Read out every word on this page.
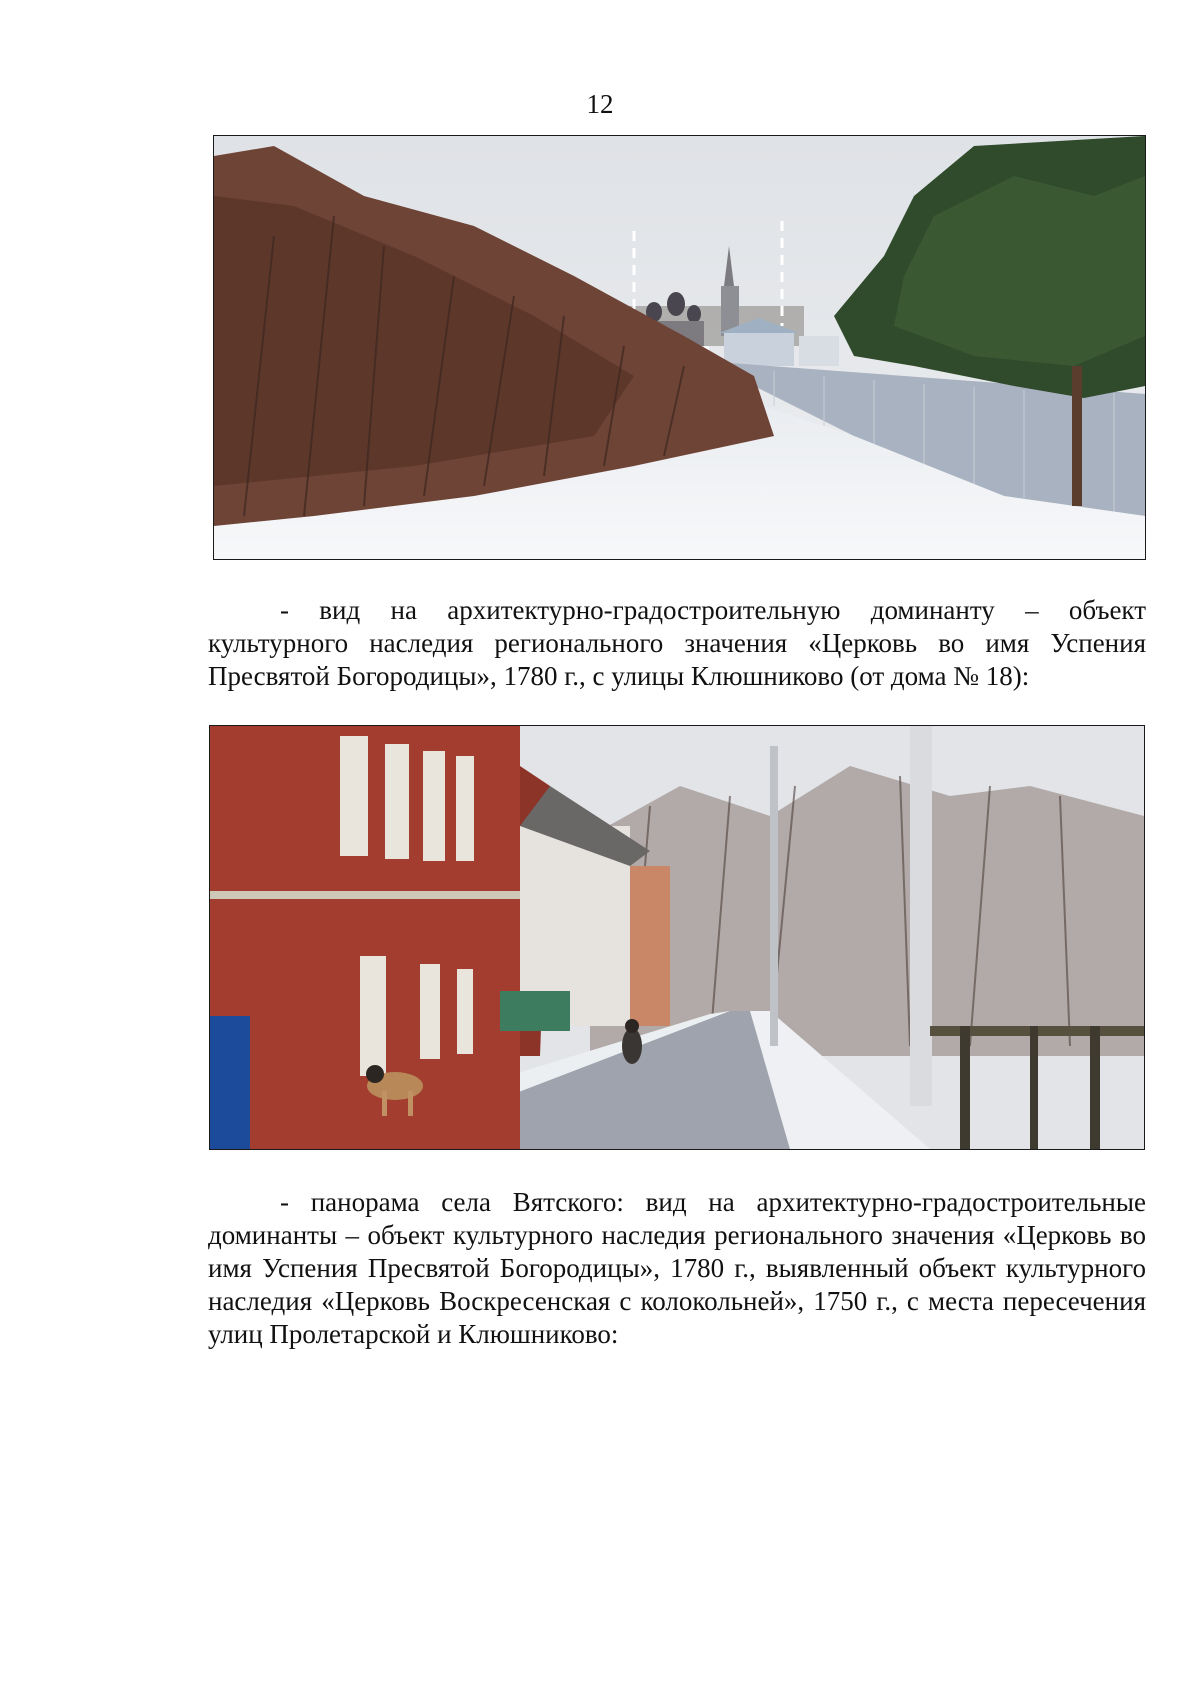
12

- вид на архитектурно-градостроительную доминанту – объект культурного наследия регионального значения «Церковь во имя Успения Пресвятой Богородицы», 1780 г., с улицы Клюшниково (от дома № 18):

- панорама села Вятского: вид на архитектурно-градостроительные доминанты – объект культурного наследия регионального значения «Церковь во имя Успения Пресвятой Богородицы», 1780 г., выявленный объект культурного наследия «Церковь Воскресенская с колокольней», 1750 г., с места пересечения улиц Пролетарской и Клюшниково:
